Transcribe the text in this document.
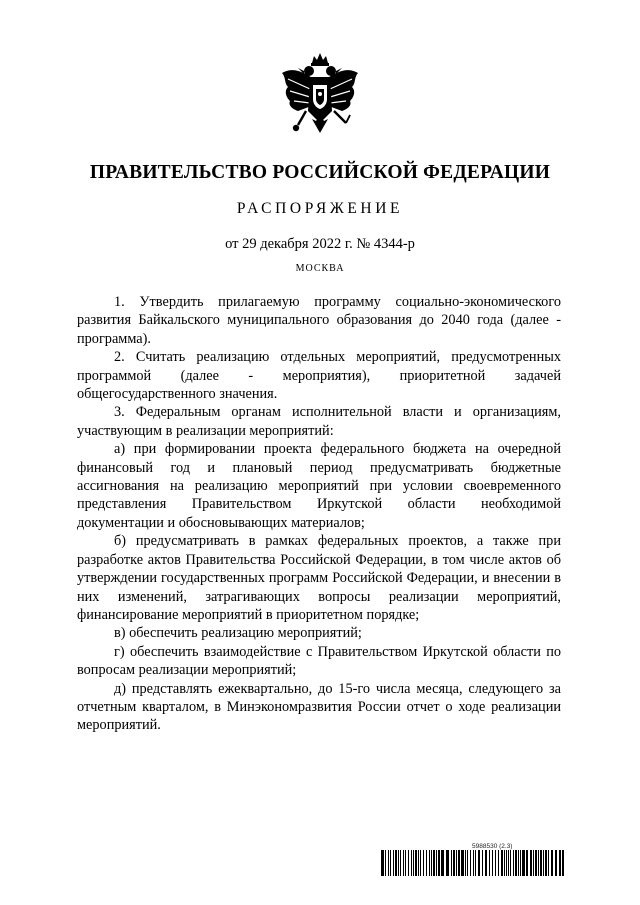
ПРАВИТЕЛЬСТВО РОССИЙСКОЙ ФЕДЕРАЦИИ
РАСПОРЯЖЕНИЕ
от 29 декабря 2022 г. № 4344-р
МОСКВА

1. Утвердить прилагаемую программу социально-экономического развития Байкальского муниципального образования до 2040 года (далее - программа).

2. Считать реализацию отдельных мероприятий, предусмотренных программой (далее - мероприятия), приоритетной задачей общегосударственного значения.

3. Федеральным органам исполнительной власти и организациям, участвующим в реализации мероприятий:

а) при формировании проекта федерального бюджета на очередной финансовый год и плановый период предусматривать бюджетные ассигнования на реализацию мероприятий при условии своевременного представления Правительством Иркутской области необходимой документации и обосновывающих материалов;

б) предусматривать в рамках федеральных проектов, а также при разработке актов Правительства Российской Федерации, в том числе актов об утверждении государственных программ Российской Федерации, и внесении в них изменений, затрагивающих вопросы реализации мероприятий, финансирование мероприятий в приоритетном порядке;

в) обеспечить реализацию мероприятий;

г) обеспечить взаимодействие с Правительством Иркутской области по вопросам реализации мероприятий;

д) представлять ежеквартально, до 15-го числа месяца, следующего за отчетным кварталом, в Минэкономразвития России отчет о ходе реализации мероприятий.

5988530 (2.3)
